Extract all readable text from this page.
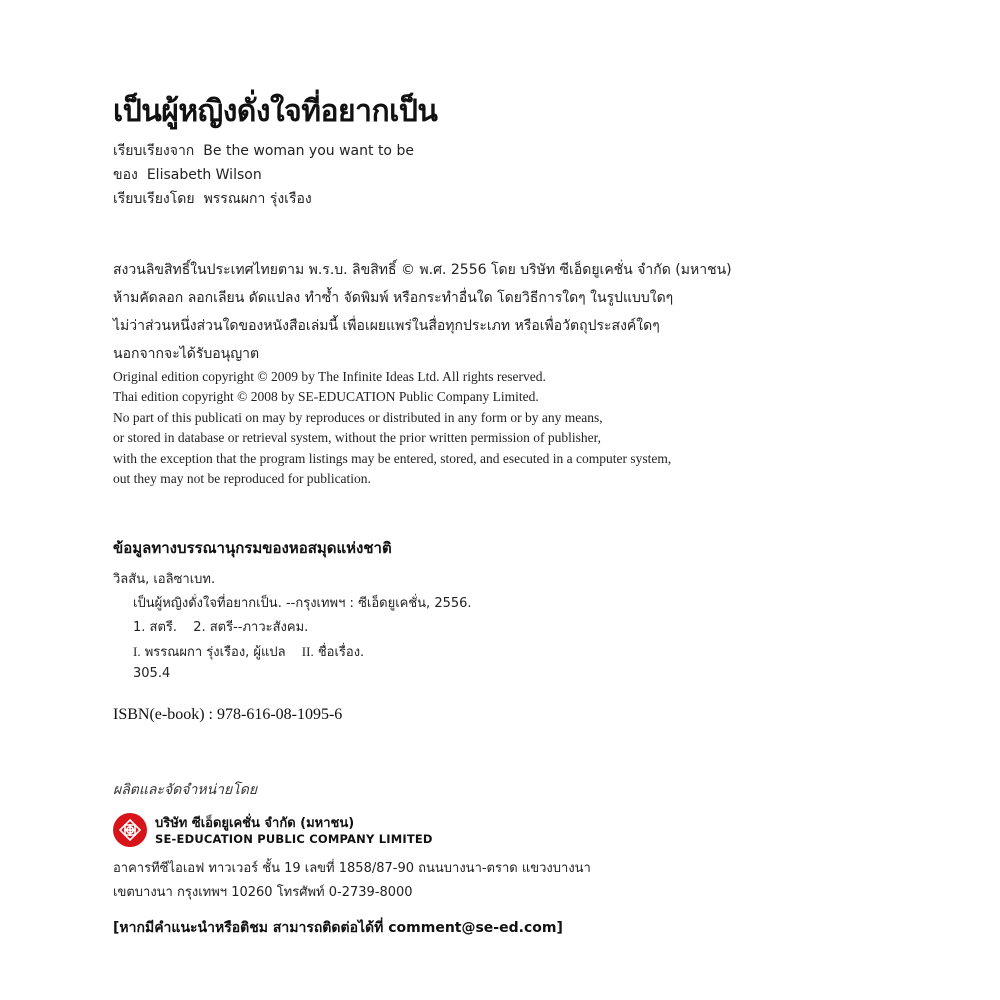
เป็นผู้หญิงดั่งใจที่อยากเป็น
เรียบเรียงจาก Be the woman you want to be
ของ Elisabeth Wilson
เรียบเรียงโดย พรรณผกา รุ่งเรือง
สงวนลิขสิทธิ์ในประเทศไทยตาม พ.ร.บ. ลิขสิทธิ์ © พ.ศ. 2556 โดย บริษัท ซีเอ็ดยูเคชั่น จำกัด (มหาชน)
ห้ามคัดลอก ลอกเลียน ดัดแปลง ทำซ้ำ จัดพิมพ์ หรือกระทำอื่นใด โดยวิธีการใดๆ ในรูปแบบใดๆ
ไม่ว่าส่วนหนึ่งส่วนใดของหนังสือเล่มนี้ เพื่อเผยแพร่ในสื่อทุกประเภท หรือเพื่อวัตถุประสงค์ใดๆ
นอกจากจะได้รับอนุญาต
Original edition copyright © 2009 by The Infinite Ideas Ltd. All rights reserved.
Thai edition copyright © 2008 by SE-EDUCATION Public Company Limited.
No part of this publicati on may by reproduces or distributed in any form or by any means,
or stored in database or retrieval system, without the prior written permission of publisher,
with the exception that the program listings may be entered, stored, and esecuted in a computer system,
out they may not be reproduced for publication.
ข้อมูลทางบรรณานุกรมของหอสมุดแห่งชาติ
วิลสัน, เอลิซาเบท.
เป็นผู้หญิงดั่งใจที่อยากเป็น. --กรุงเทพฯ : ซีเอ็ดยูเคชั่น, 2556.
1. สตรี. 2. สตรี--ภาวะสังคม.
I. พรรณผกา รุ่งเรือง, ผู้แปล II. ชื่อเรื่อง.
305.4
ISBN(e-book) : 978-616-08-1095-6
ผลิตและจัดจำหน่ายโดย
บริษัท ซีเอ็ดยูเคชั่น จำกัด (มหาชน)
SE-EDUCATION PUBLIC COMPANY LIMITED
อาคารทีซีไอเอฟ ทาวเวอร์ ชั้น 19 เลขที่ 1858/87-90 ถนนบางนา-ตราด แขวงบางนา
เขตบางนา กรุงเทพฯ 10260 โทรศัพท์ 0-2739-8000
[หากมีคำแนะนำหรือติชม สามารถติดต่อได้ที่ comment@se-ed.com]
